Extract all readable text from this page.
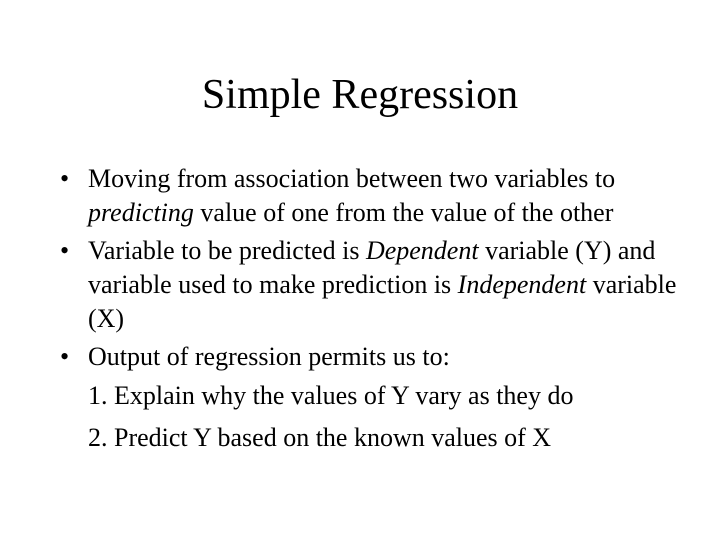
Simple Regression
• Moving from association between two variables to predicting value of one from the value of the other
• Variable to be predicted is Dependent variable (Y) and variable used to make prediction is Independent variable (X)
• Output of regression permits us to:
1. Explain why the values of Y vary as they do
2. Predict Y based on the known values of X
